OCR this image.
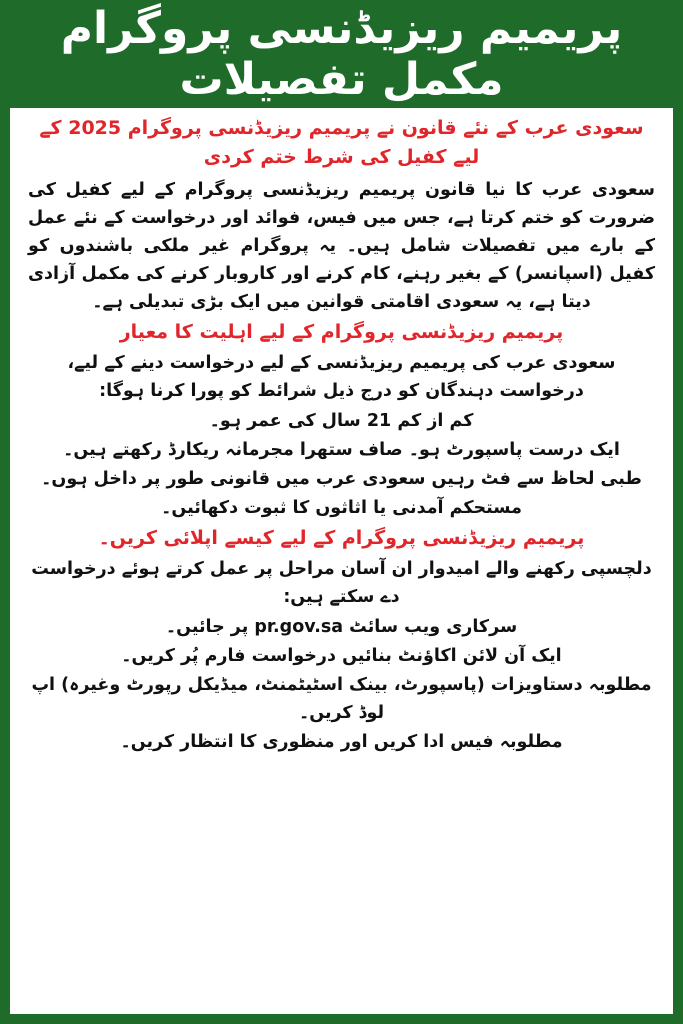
پریمیم ریزیڈنسی پروگرام مکمل تفصیلات
سعودی عرب کے نئے قانون نے پریمیم ریزیڈنسی پروگرام 2025 کے لیے کفیل کی شرط ختم کردی

سعودی عرب کا نیا قانون پریمیم ریزیڈنسی پروگرام کے لیے کفیل کی ضرورت کو ختم کرتا ہے، جس میں فیس، فوائد اور درخواست کے نئے عمل کے بارے میں تفصیلات شامل ہیں۔ یہ پروگرام غیر ملکی باشندوں کو کفیل (اسپانسر) کے بغیر رہنے، کام کرنے اور کاروبار کرنے کی مکمل آزادی دیتا ہے، یہ سعودی اقامتی قوانین میں ایک بڑی تبدیلی ہے۔

پریمیم ریزیڈنسی پروگرام کے لیے اہلیت کا معیار

سعودی عرب کی پریمیم ریزیڈنسی کے لیے درخواست دینے کے لیے، درخواست دہندگان کو درج ذیل شرائط کو پورا کرنا ہوگا:

کم از کم 21 سال کی عمر ہو۔
ایک درست پاسپورٹ ہو۔ صاف ستھرا مجرمانہ ریکارڈ رکھتے ہیں۔
طبی لحاظ سے فٹ رہیں سعودی عرب میں قانونی طور پر داخل ہوں۔
مستحکم آمدنی یا اثاثوں کا ثبوت دکھائیں۔
پریمیم ریزیڈنسی پروگرام کے لیے کیسے اپلائی کریں۔

دلچسپی رکھنے والے امیدوار ان آسان مراحل پر عمل کرتے ہوئے درخواست دے سکتے ہیں:

سرکاری ویب سائٹ pr.gov.sa پر جائیں۔
ایک آن لائن اکاؤنٹ بنائیں درخواست فارم پُر کریں۔
مطلوبہ دستاویزات (پاسپورٹ، بینک اسٹیٹمنٹ، میڈیکل رپورٹ وغیرہ) اپ لوڈ کریں۔
مطلوبہ فیس ادا کریں اور منظوری کا انتظار کریں۔
